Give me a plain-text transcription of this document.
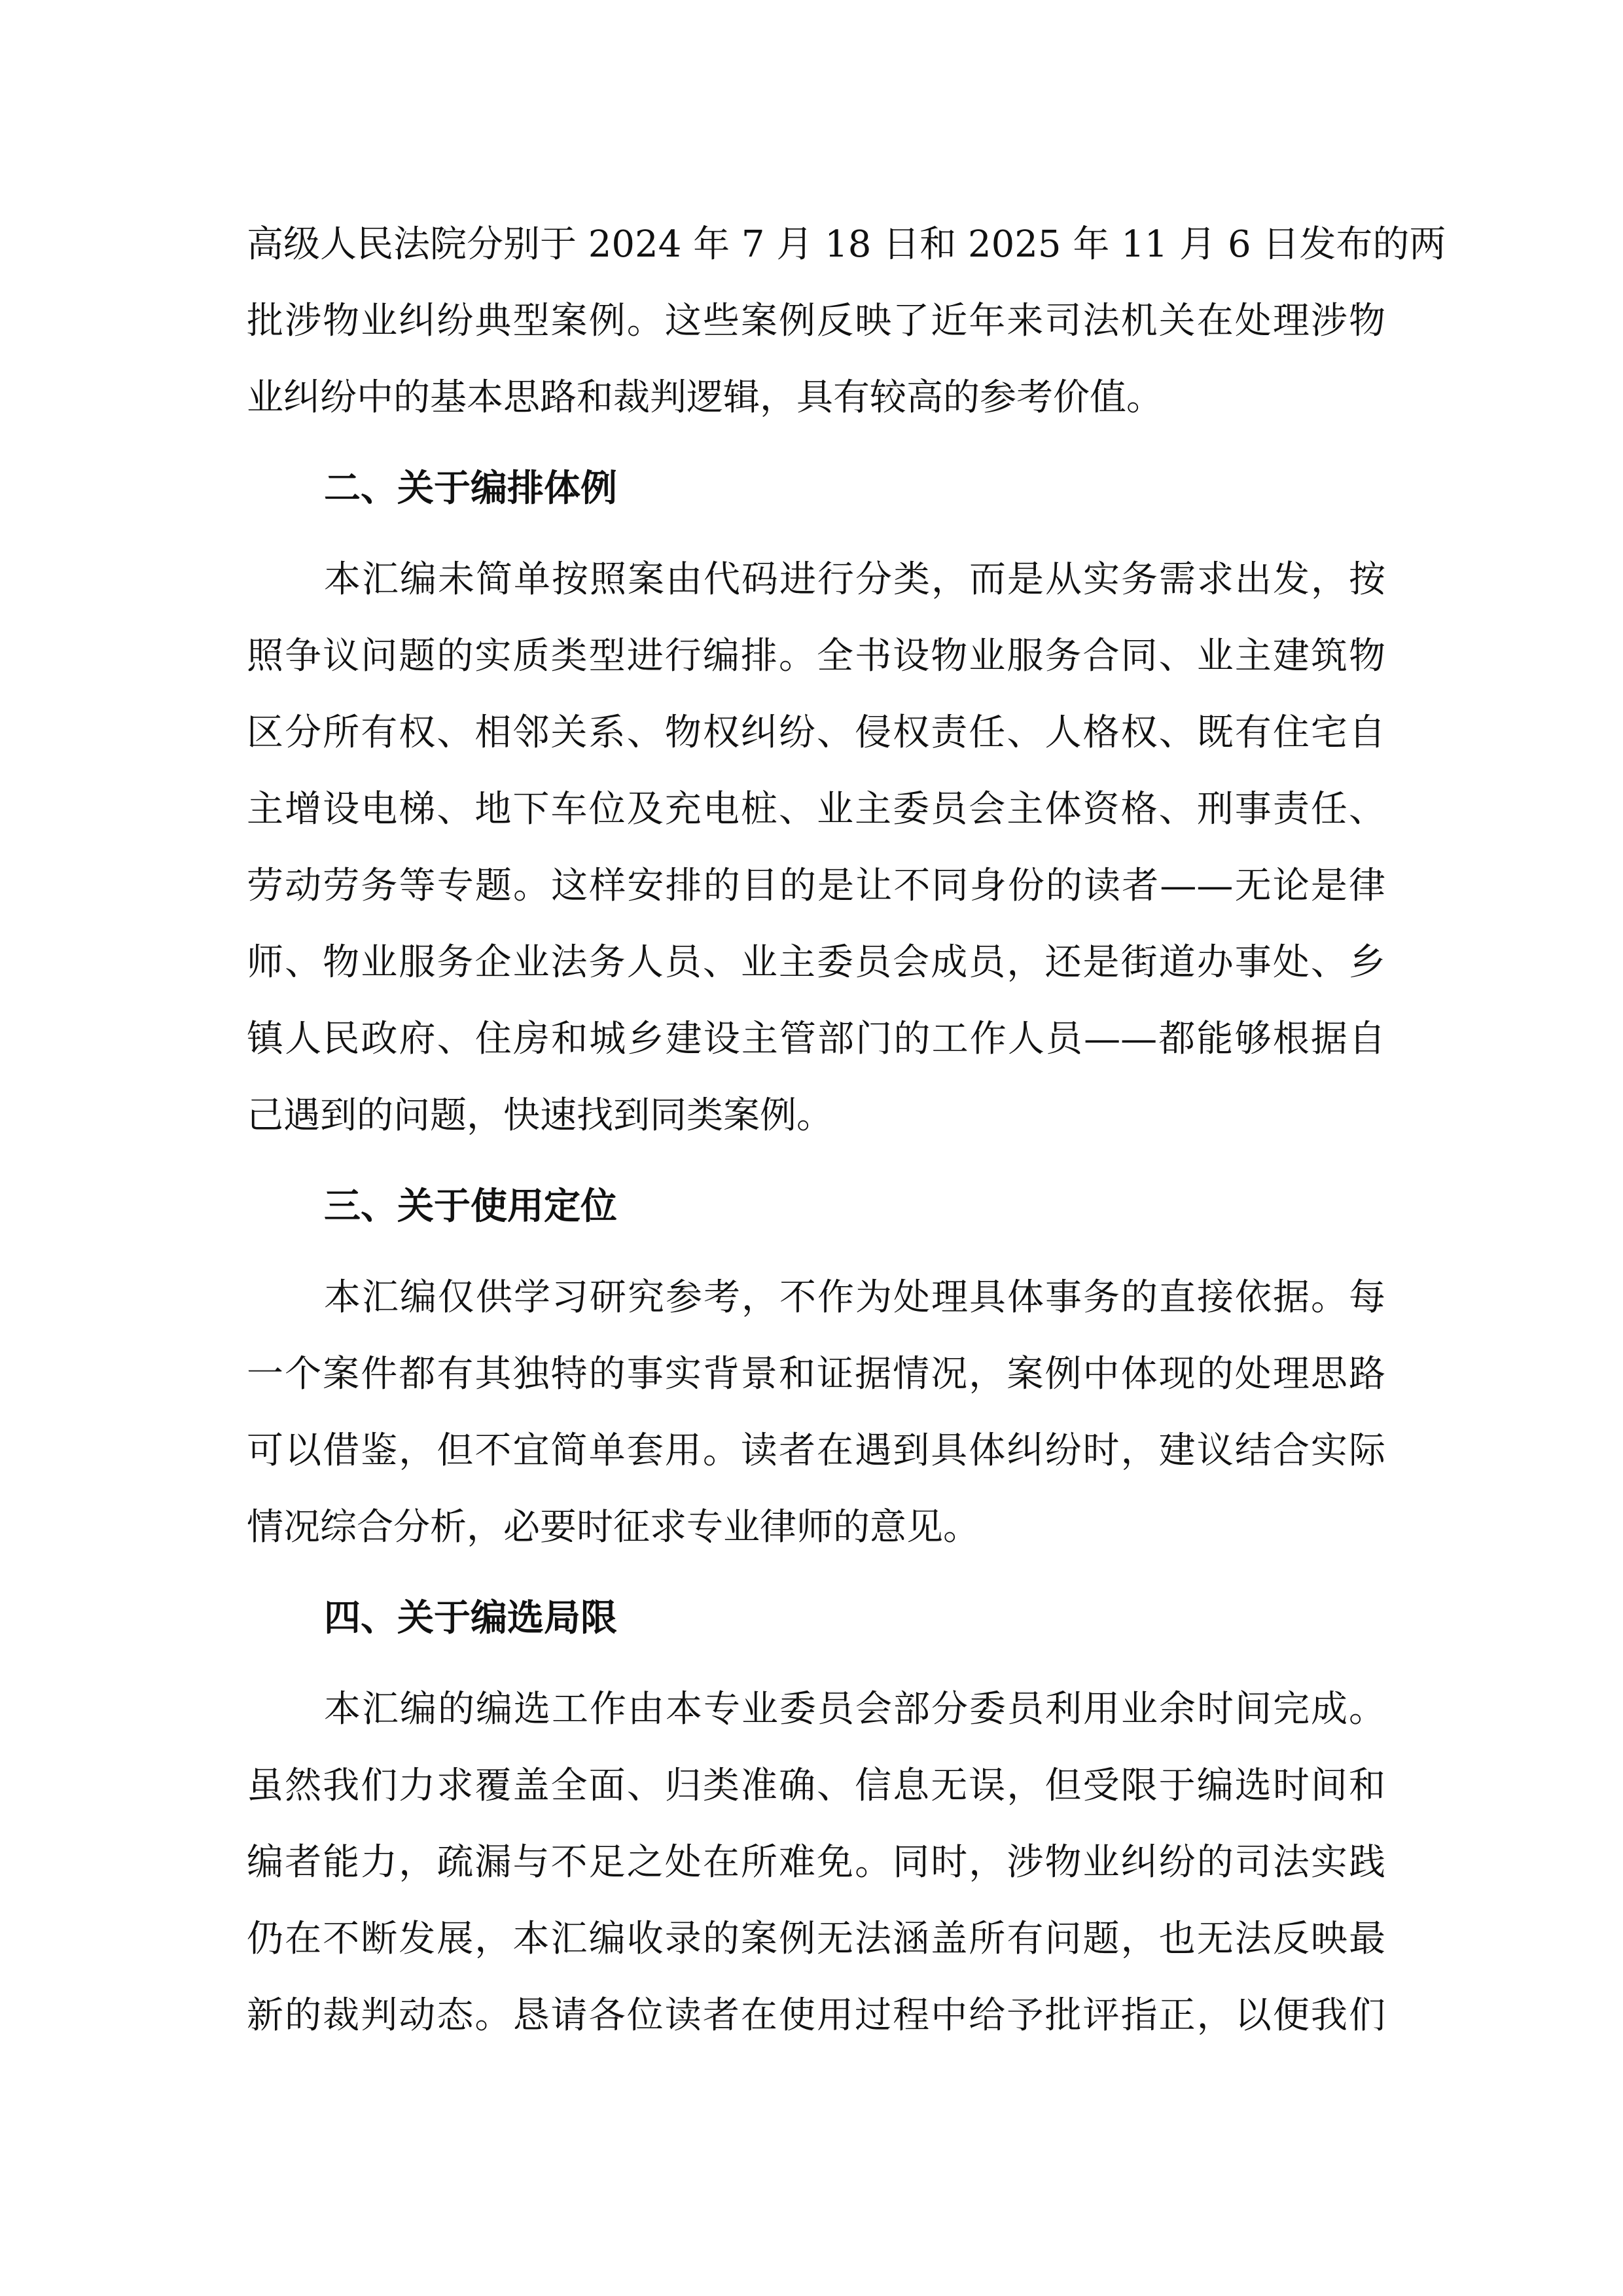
高级人民法院分别于 2024 年 7 月 18 日和 2025 年 11 月 6 日发布的两
批涉物业纠纷典型案例。这些案例反映了近年来司法机关在处理涉物
业纠纷中的基本思路和裁判逻辑，具有较高的参考价值。
二、关于编排体例
本汇编未简单按照案由代码进行分类，而是从实务需求出发，按
照争议问题的实质类型进行编排。全书设物业服务合同、业主建筑物
区分所有权、相邻关系、物权纠纷、侵权责任、人格权、既有住宅自
主增设电梯、地下车位及充电桩、业主委员会主体资格、刑事责任、
劳动劳务等专题。这样安排的目的是让不同身份的读者——无论是律
师、物业服务企业法务人员、业主委员会成员，还是街道办事处、乡
镇人民政府、住房和城乡建设主管部门的工作人员——都能够根据自
己遇到的问题，快速找到同类案例。
三、关于使用定位
本汇编仅供学习研究参考，不作为处理具体事务的直接依据。每
一个案件都有其独特的事实背景和证据情况，案例中体现的处理思路
可以借鉴，但不宜简单套用。读者在遇到具体纠纷时，建议结合实际
情况综合分析，必要时征求专业律师的意见。
四、关于编选局限
本汇编的编选工作由本专业委员会部分委员利用业余时间完成。
虽然我们力求覆盖全面、归类准确、信息无误，但受限于编选时间和
编者能力，疏漏与不足之处在所难免。同时，涉物业纠纷的司法实践
仍在不断发展，本汇编收录的案例无法涵盖所有问题，也无法反映最
新的裁判动态。恳请各位读者在使用过程中给予批评指正，以便我们
